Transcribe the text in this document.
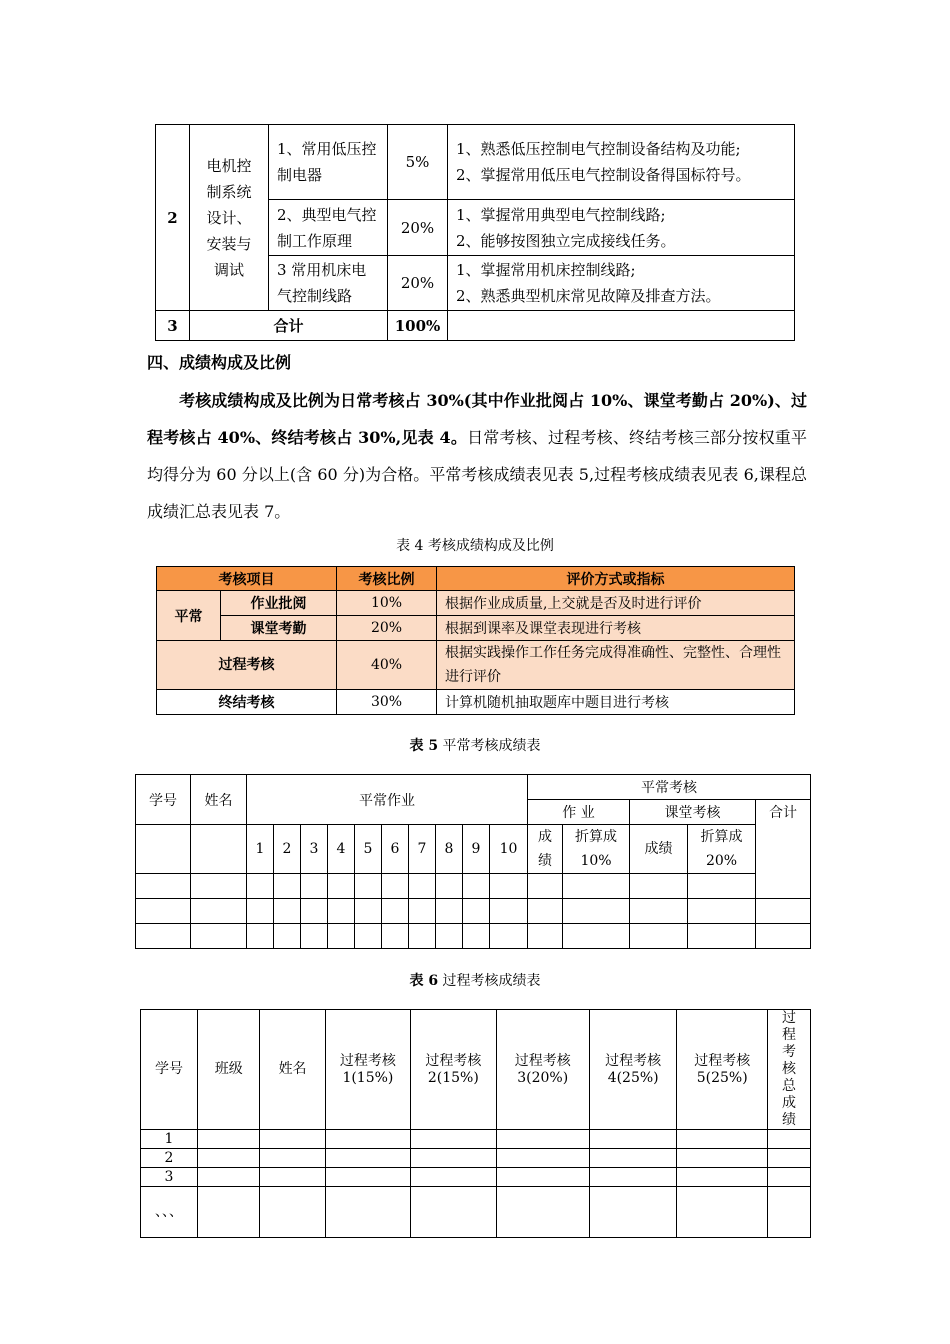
2	电机控制系统设计、安装与调试	1、常用低压控制电器	5%	1、熟悉低压控制电气控制设备结构及功能;
2、掌握常用低压电气控制设备得国标符号。

		2、典型电气控制工作原理	20%	1、掌握常用典型电气控制线路;
2、能够按图独立完成接线任务。

		3 常用机床电气控制线路	20%	1、掌握常用机床控制线路;
2、熟悉典型机床常见故障及排查方法。

3	合计		100%	
四、成绩构成及比例
考核成绩构成及比例为日常考核占 30%(其中作业批阅占 10%、课堂考勤占 20%)、过程考核占 40%、终结考核占 30%,见表 4。日常考核、过程考核、终结考核三部分按权重平均得分为 60 分以上(含 60 分)为合格。平常考核成绩表见表 5,过程考核成绩表见表 6,课程总成绩汇总表见表 7。
表 4 考核成绩构成及比例
考核项目		考核比例	评价方式或指标
平常	作业批阅	10%	根据作业成质量,上交就是否及时进行评价
	课堂考勤	20%	根据到课率及课堂表现进行考核
过程考核		40%	根据实践操作工作任务完成得准确性、完整性、合理性进行评价
终结考核		30%	计算机随机抽取题库中题目进行考核
表 5 平常考核成绩表
学号	姓名	平常作业										平常考核				
												作 业		课堂考核		合计
		1	2	3	4	5	6	7	8	9	10	成绩	折算成 10%	成绩	折算成 20%	

表 6 过程考核成绩表
学号	班级	姓名	过程考核 1(15%)	过程考核 2(15%)	过程考核 3(20%)	过程考核 4(25%)	过程考核 5(25%)	过程考核总成绩
1								
2								
3								
、、、								
